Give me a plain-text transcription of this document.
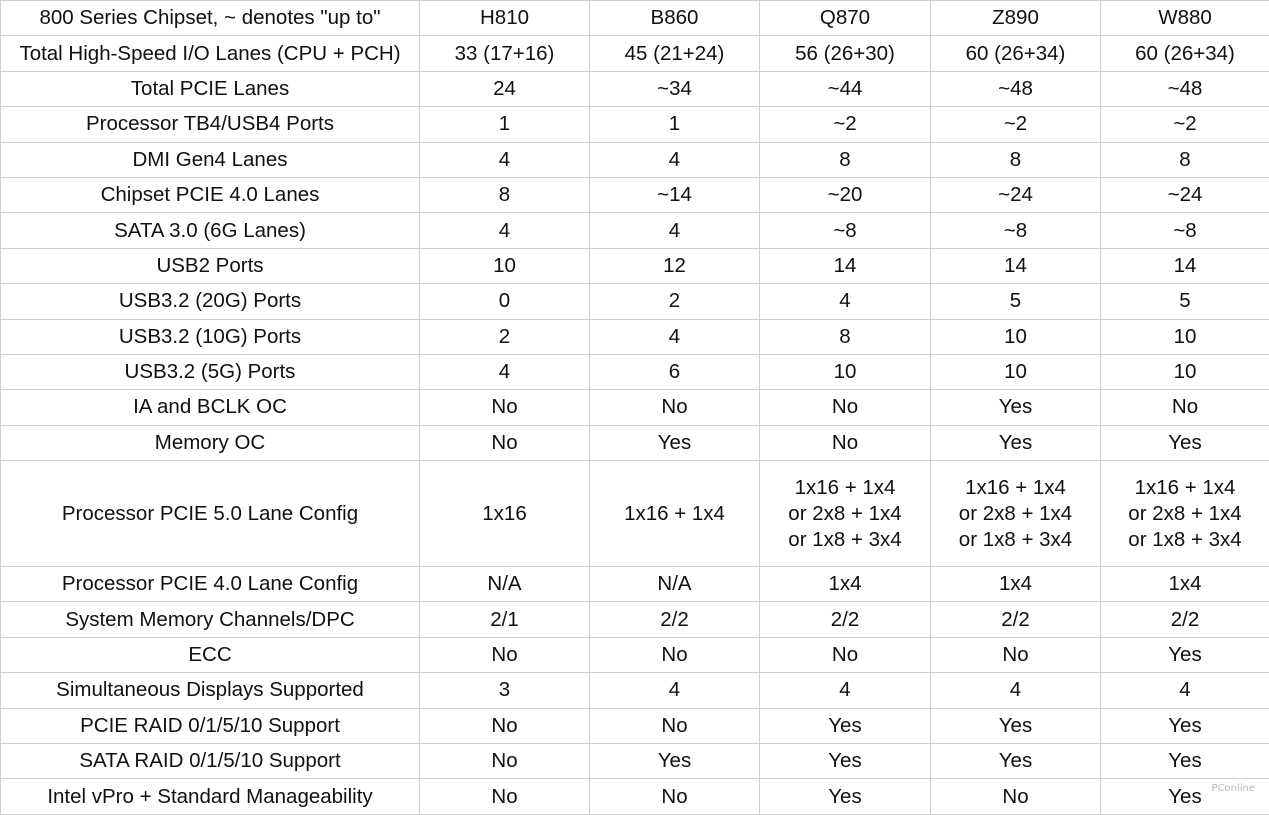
800 Series Chipset, ~ denotes "up to"	H810	B860	Q870	Z890	W880
Total High-Speed I/O Lanes (CPU + PCH)	33 (17+16)	45 (21+24)	56 (26+30)	60 (26+34)	60 (26+34)
Total PCIE Lanes	24	~34	~44	~48	~48
Processor TB4/USB4 Ports	1	1	~2	~2	~2
DMI Gen4 Lanes	4	4	8	8	8
Chipset PCIE 4.0 Lanes	8	~14	~20	~24	~24
SATA 3.0 (6G Lanes)	4	4	~8	~8	~8
USB2 Ports	10	12	14	14	14
USB3.2 (20G) Ports	0	2	4	5	5
USB3.2 (10G) Ports	2	4	8	10	10
USB3.2 (5G) Ports	4	6	10	10	10
IA and BCLK OC	No	No	No	Yes	No
Memory OC	No	Yes	No	Yes	Yes
Processor PCIE 5.0 Lane Config	1x16	1x16 + 1x4	1x16 + 1x4
or 2x8 + 1x4
or 1x8 + 3x4	1x16 + 1x4
or 2x8 + 1x4
or 1x8 + 3x4	1x16 + 1x4
or 2x8 + 1x4
or 1x8 + 3x4
Processor PCIE 4.0 Lane Config	N/A	N/A	1x4	1x4	1x4
System Memory Channels/DPC	2/1	2/2	2/2	2/2	2/2
ECC	No	No	No	No	Yes
Simultaneous Displays Supported	3	4	4	4	4
PCIE RAID 0/1/5/10 Support	No	No	Yes	Yes	Yes
SATA RAID 0/1/5/10 Support	No	Yes	Yes	Yes	Yes
Intel vPro + Standard Manageability	No	No	Yes	No	Yes PConline
